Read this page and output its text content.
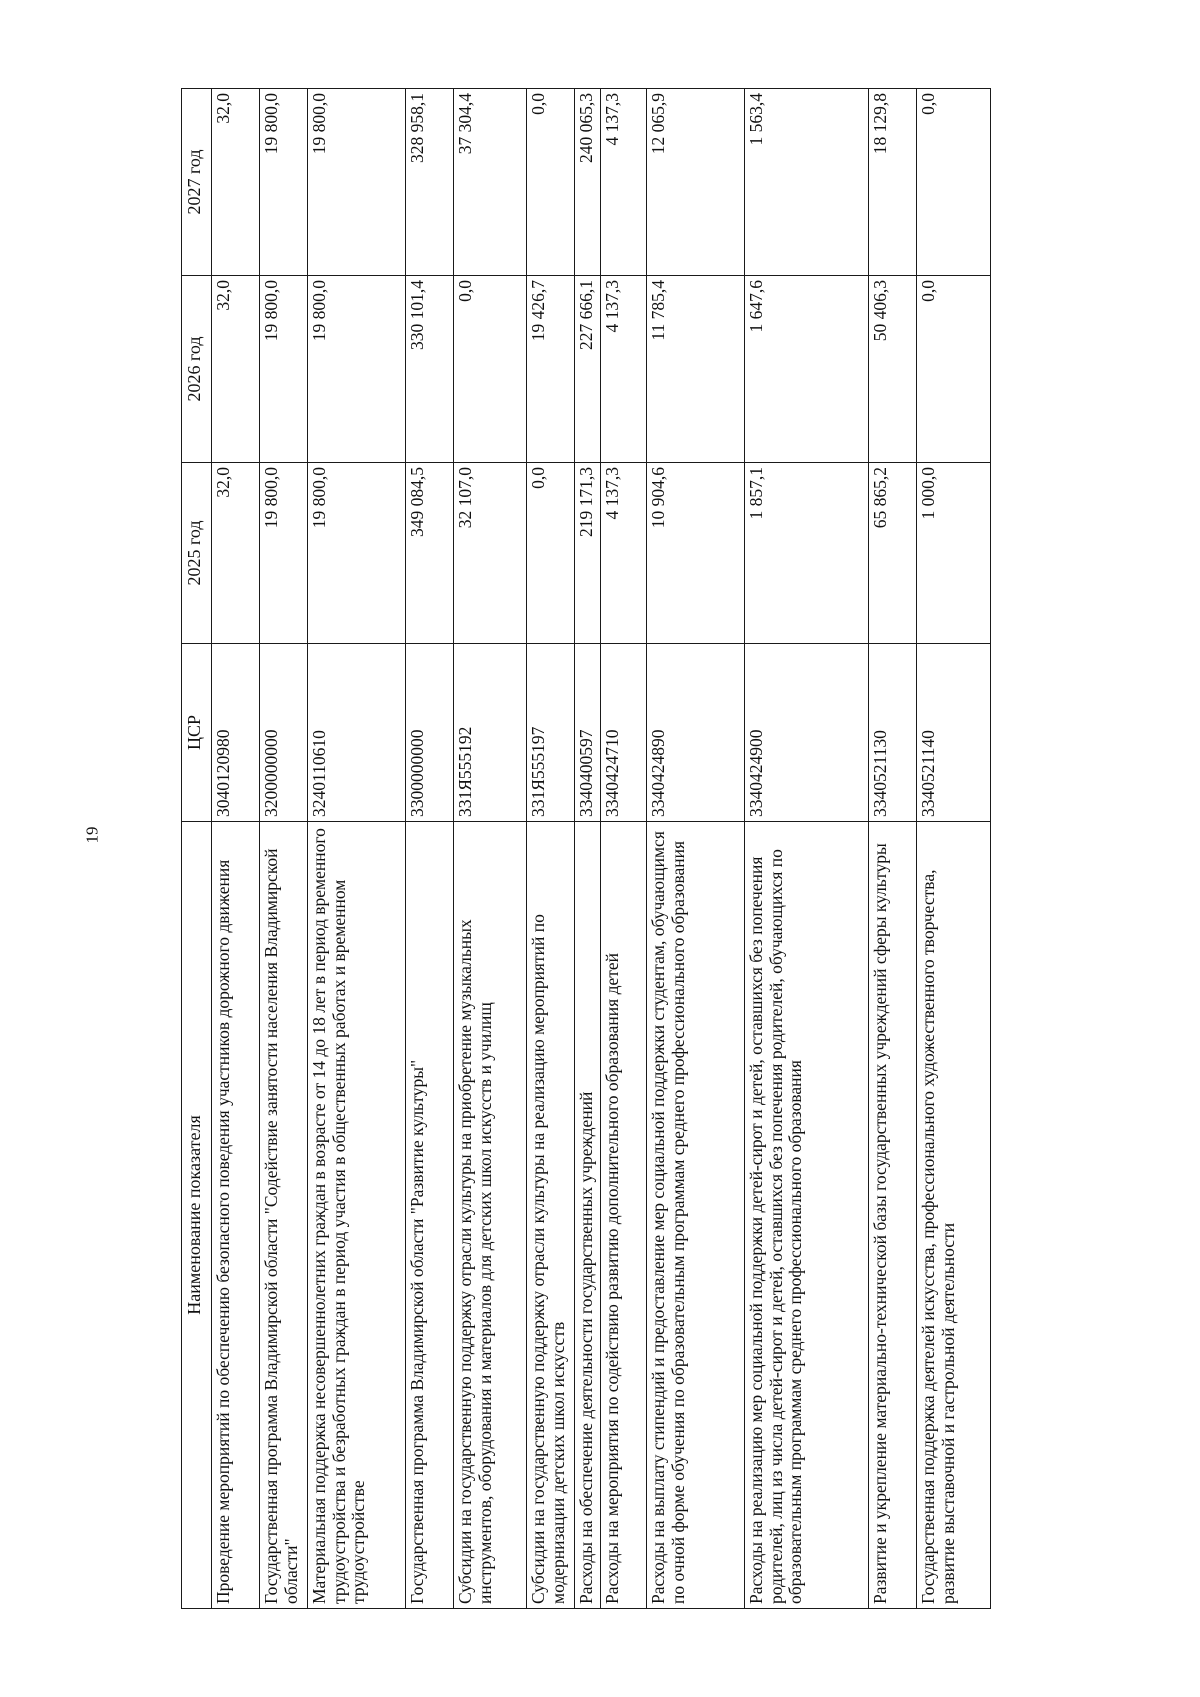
19
Наименование показателя	ЦСР	2025 год	2026 год	2027 год
Проведение мероприятий по обеспечению безопасного поведения участников дорожного движения	3040120980	32,0	32,0	32,0
Государственная программа Владимирской области "Содействие занятости населения Владимирской области"	3200000000	19 800,0	19 800,0	19 800,0
Материальная поддержка несовершеннолетних граждан в возрасте от 14 до 18 лет в период временного трудоустройства и безработных граждан в период участия в общественных работах и временном трудоустройстве	3240110610	19 800,0	19 800,0	19 800,0
Государственная программа Владимирской области "Развитие культуры"	3300000000	349 084,5	330 101,4	328 958,1
Субсидии на государственную поддержку отрасли культуры на приобретение музыкальных инструментов, оборудования и материалов для детских школ искусств и училищ	331Я555192	32 107,0	0,0	37 304,4
Субсидии на государственную поддержку отрасли культуры на реализацию мероприятий по модернизации детских школ искусств	331Я555197	0,0	19 426,7	0,0
Расходы на обеспечение деятельности государственных учреждений	3340400597	219 171,3	227 666,1	240 065,3
Расходы на мероприятия по содействию развитию дополнительного образования детей	3340424710	4 137,3	4 137,3	4 137,3
Расходы на выплату стипендий и предоставление мер социальной поддержки студентам, обучающимся по очной форме обучения по образовательным программам среднего профессионального образования	3340424890	10 904,6	11 785,4	12 065,9
Расходы на реализацию мер социальной поддержки детей-сирот и детей, оставшихся без попечения родителей, лиц из числа детей-сирот и детей, оставшихся без попечения родителей, обучающихся по образовательным программам среднего профессионального образования	3340424900	1 857,1	1 647,6	1 563,4
Развитие и укрепление материально-технической базы государственных учреждений сферы культуры	3340521130	65 865,2	50 406,3	18 129,8
Государственная поддержка деятелей искусства, профессионального художественного творчества, развитие выставочной и гастрольной деятельности	3340521140	1 000,0	0,0	0,0
